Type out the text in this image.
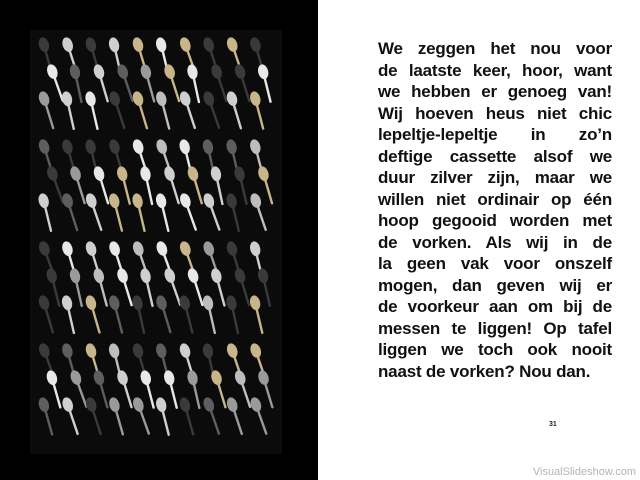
We zeggen het nou voor
de laatste keer, hoor, want
we hebben er genoeg van!
Wij hoeven heus niet chic
lepeltje-lepeltje in zo’n
deftige cassette alsof we
duur zilver zijn, maar we
willen niet ordinair op één
hoop gegooid worden met
de vorken. Als wij in de
la geen vak voor onszelf
mogen, dan geven wij er
de voorkeur aan om bij de
messen te liggen! Op tafel
liggen we toch ook nooit
naast de vorken? Nou dan.
31
VisualSlideshow.com
